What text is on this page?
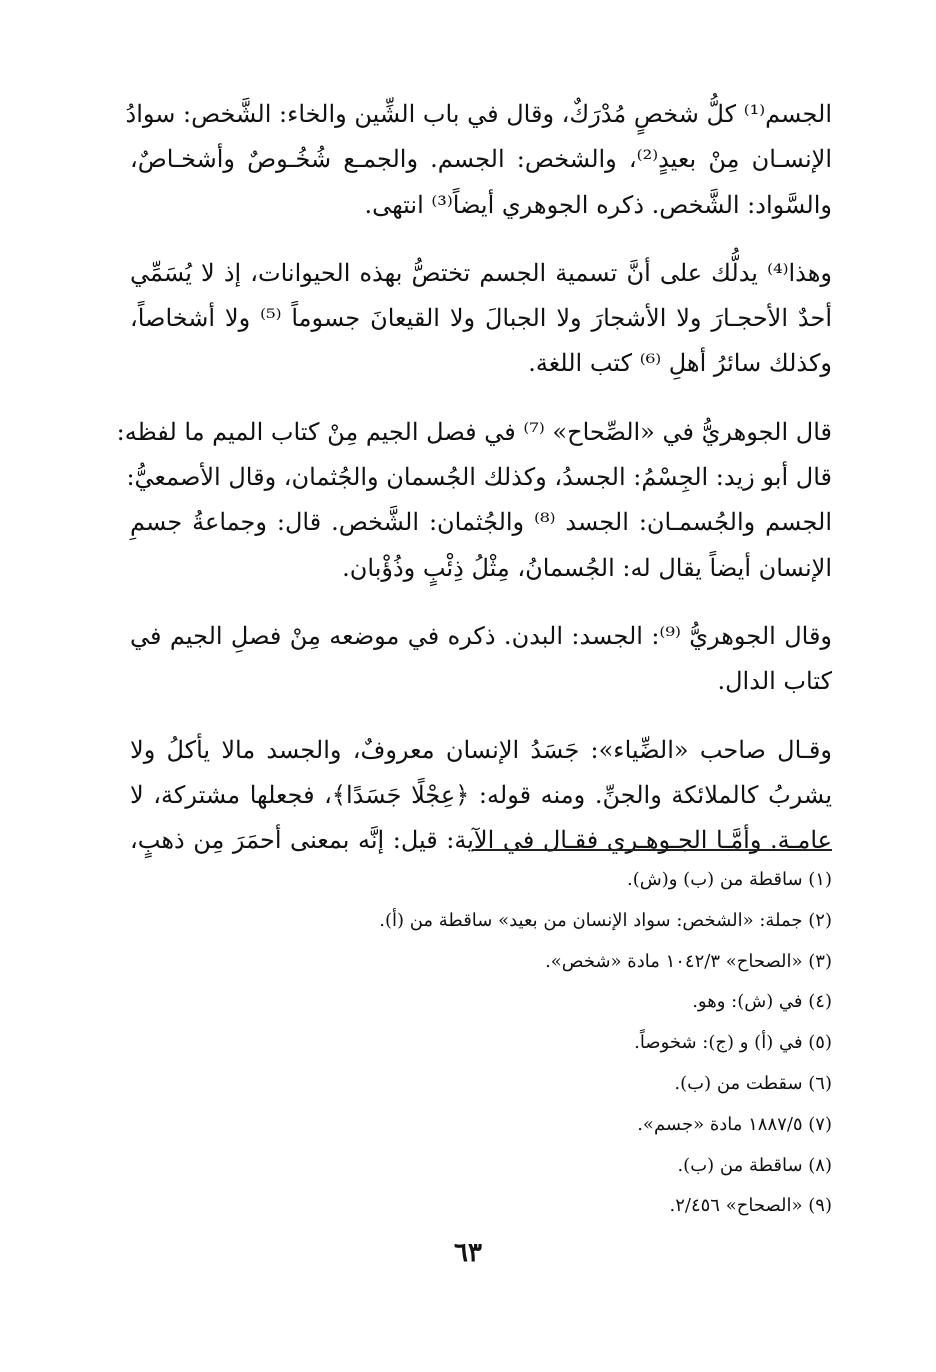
الجسم⁽¹⁾ كلُّ شخصٍ مُدْرَكٌ، وقال في باب الشِّين والخاء: الشَّخص: سوادُ
الإنسـان مِنْ بعيدٍ⁽²⁾، والشخص: الجسم. والجمـع شُخُـوصٌ وأشخـاصٌ،
والسَّواد: الشَّخص. ذكره الجوهري أيضاً⁽³⁾ انتهى.

وهذا⁽⁴⁾ يدلُّك على أنَّ تسمية الجسم تختصُّ بهذه الحيوانات، إذ لا يُسَمِّي
أحدٌ الأحجـارَ ولا الأشجارَ ولا الجبالَ ولا القيعانَ جسوماً ⁽⁵⁾ ولا أشخاصاً،
وكذلك سائرُ أهلِ ⁽⁶⁾ كتب اللغة.

قال الجوهريُّ في «الصِّحاح» ⁽⁷⁾ في فصل الجيم مِنْ كتاب الميم ما لفظه:
قال أبو زيد: الجِسْمُ: الجسدُ، وكذلك الجُسمان والجُثمان، وقال الأصمعيُّ:
الجسم والجُسمـان: الجسد ⁽⁸⁾ والجُثمان: الشَّخص. قال: وجماعةُ جسمِ
الإنسان أيضاً يقال له: الجُسمانُ، مِثْلُ ذِئْبٍ وذُؤْبان.

وقال الجوهريُّ ⁽⁹⁾: الجسد: البدن. ذكره في موضعه مِنْ فصلِ الجيم في
كتاب الدال.

وقـال صاحب «الضِّياء»: جَسَدُ الإنسان معروفٌ، والجسد مالا يأكلُ ولا
يشربُ كالملائكة والجنِّ. ومنه قوله: ﴿عِجْلًا جَسَدًا﴾، فجعلها مشتركة، لا
عامـة. وأمَّـا الجـوهـري فقـال في الآية: قيل: إنَّه بمعنى أحمَرَ مِن ذهبٍ،

(١) ساقطة من (ب) و(ش).
(٢) جملة: «الشخص: سواد الإنسان من بعيد» ساقطة من (أ).
(٣) «الصحاح» ١٠٤٢/٣ مادة «شخص».
(٤) في (ش): وهو.
(٥) في (أ) و (ج): شخوصاً.
(٦) سقطت من (ب).
(٧) ١٨٨٧/٥ مادة «جسم».
(٨) ساقطة من (ب).
(٩) «الصحاح» ٢/٤٥٦.
٦٣
